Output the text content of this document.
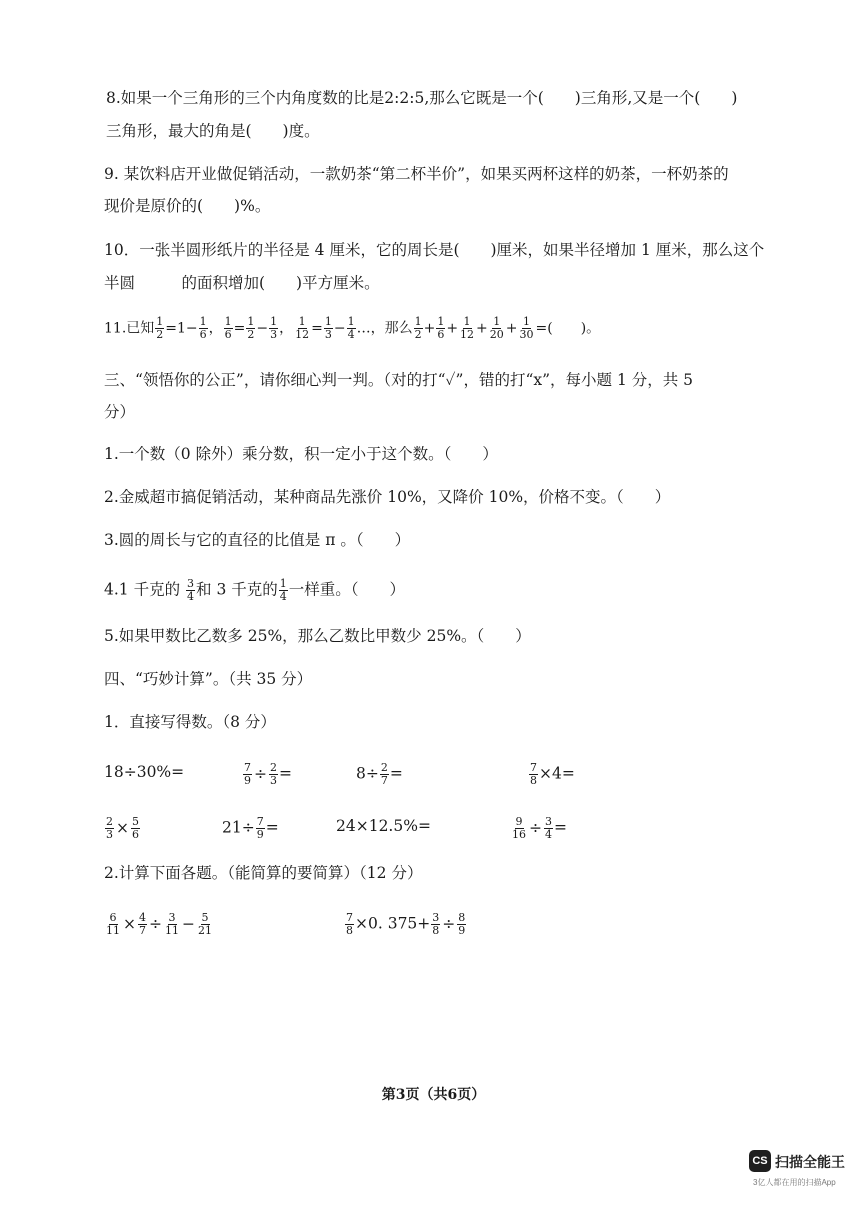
8.如果一个三角形的三个内角度数的比是2:2:5,那么它既是一个(　　)三角形,又是一个(　　)
三角形，最大的角是(　　)度。
9. 某饮料店开业做促销活动，一款奶茶“第二杯半价”，如果买两杯这样的奶茶，一杯奶茶的
现价是原价的(　　)%。
10．一张半圆形纸片的半径是 4 厘米，它的周长是(　　)厘米，如果半径增加 1 厘米，那么这个
半圆　　　的面积增加(　　)平方厘米。
11.已知 $\frac{1}{2} =1- \frac{1}{6}$ ， $\frac{1}{6} = \frac{1}{2} - \frac{1}{3}$ ， $\frac{1}{12} = \frac{1}{3} - \frac{1}{4}$ …，那么 $\frac{1}{2} + \frac{1}{6} + \frac{1}{12} + \frac{1}{20} + \frac{1}{30}$ =(　　)。
三、“领悟你的公正”，请你细心判一判。（对的打“✓”，错的打“x”，每小题 1 分，共 5
分）
1.一个数（0 除外）乘分数，积一定小于这个数。（　　）
2.金威超市搞促销活动，某种商品先涨价 10%，又降价 10%，价格不变。（　　）
3.圆的周长与它的直径的比值是 π 。（　　）
4.1 千克的 $\frac{3}{4}$ 和 3 千克的 $\frac{1}{4}$ 一样重。（　　）
5.如果甲数比乙数多 25%，那么乙数比甲数少 25%。（　　）
四、“巧妙计算”。（共 35 分）
1．直接写得数。（8 分）
18÷30%=	$\frac{7}{9} \div \frac{2}{3}$ =	$8\div \frac{2}{7}$ =	$\frac{7}{8} \times 4=$
$\frac{2}{3} \times \frac{5}{6}$	$21\div \frac{7}{9}$ =	24×12.5%=	$\frac{9}{16} \div \frac{3}{4}$ =
2.计算下面各题。（能简算的要简算）（12 分）
$\frac{6}{11} \times \frac{4}{7} \div \frac{3}{11} - \frac{5}{21}$	$\frac{7}{8} \times 0$. $375+ \frac{3}{8} \div \frac{8}{9}$
第3页（共6页）
CS 扫描全能王
3亿人都在用的扫描App
